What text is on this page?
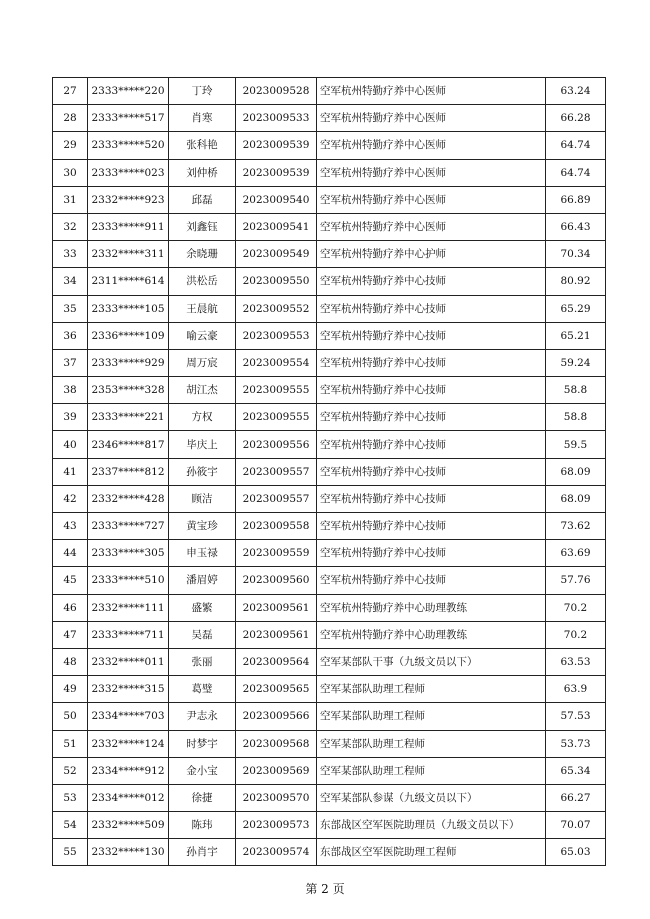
27	2333*****220	丁玲	2023009528	空军杭州特勤疗养中心医师	63.24
28	2333*****517	肖寒	2023009533	空军杭州特勤疗养中心医师	66.28
29	2333*****520	张科艳	2023009539	空军杭州特勤疗养中心医师	64.74
30	2333*****023	刘仲桥	2023009539	空军杭州特勤疗养中心医师	64.74
31	2332*****923	邱磊	2023009540	空军杭州特勤疗养中心医师	66.89
32	2333*****911	刘鑫钰	2023009541	空军杭州特勤疗养中心医师	66.43
33	2332*****311	余晓珊	2023009549	空军杭州特勤疗养中心护师	70.34
34	2311*****614	洪松岳	2023009550	空军杭州特勤疗养中心技师	80.92
35	2333*****105	王晨航	2023009552	空军杭州特勤疗养中心技师	65.29
36	2336*****109	喻云豪	2023009553	空军杭州特勤疗养中心技师	65.21
37	2333*****929	周万宸	2023009554	空军杭州特勤疗养中心技师	59.24
38	2353*****328	胡江杰	2023009555	空军杭州特勤疗养中心技师	58.8
39	2333*****221	方权	2023009555	空军杭州特勤疗养中心技师	58.8
40	2346*****817	毕庆上	2023009556	空军杭州特勤疗养中心技师	59.5
41	2337*****812	孙筱宇	2023009557	空军杭州特勤疗养中心技师	68.09
42	2332*****428	顾洁	2023009557	空军杭州特勤疗养中心技师	68.09
43	2333*****727	黄宝珍	2023009558	空军杭州特勤疗养中心技师	73.62
44	2333*****305	申玉禄	2023009559	空军杭州特勤疗养中心技师	63.69
45	2333*****510	潘眉婷	2023009560	空军杭州特勤疗养中心技师	57.76
46	2332*****111	盛繁	2023009561	空军杭州特勤疗养中心助理教练	70.2
47	2333*****711	吴磊	2023009561	空军杭州特勤疗养中心助理教练	70.2
48	2332*****011	张丽	2023009564	空军某部队干事（九级文员以下）	63.53
49	2332*****315	葛璧	2023009565	空军某部队助理工程师	63.9
50	2334*****703	尹志永	2023009566	空军某部队助理工程师	57.53
51	2332*****124	时梦宇	2023009568	空军某部队助理工程师	53.73
52	2334*****912	金小宝	2023009569	空军某部队助理工程师	65.34
53	2334*****012	徐捷	2023009570	空军某部队参谋（九级文员以下）	66.27
54	2332*****509	陈玮	2023009573	东部战区空军医院助理员（九级文员以下）	70.07
55	2332*****130	孙肖宇	2023009574	东部战区空军医院助理工程师	65.03
第 2 页
